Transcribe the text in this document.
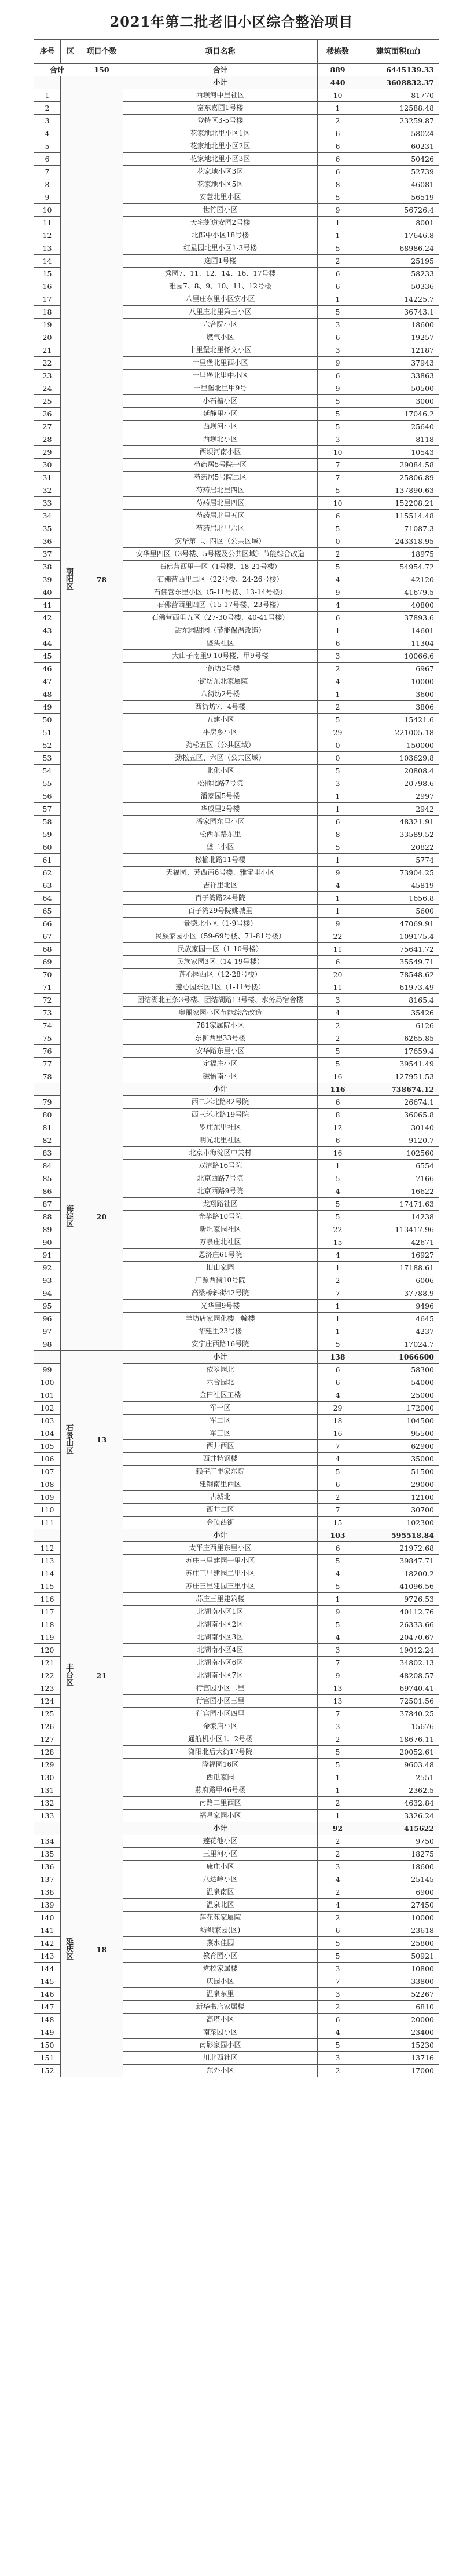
2021年第二批老旧小区综合整治项目
序号	区	项目个数	项目名称	楼栋数	建筑面积(㎡)
合计		150	合计	889	6445139.33
	朝阳区	78	小计	440	3608832.37
1			西坝河中里社区	10	81770
2			富东嘉园1号楼	1	12588.48
3			登特区3-5号楼	2	23259.87
4			花家地北里小区1区	6	58024
5			花家地北里小区2区	6	60231
6			花家地北里小区3区	6	50426
7			花家地小区3区	6	52739
8			花家地小区5区	8	46081
9			安慧北里小区	5	56519
10			世竹园小区	9	56726.4
11			天宅街道安园2号楼	1	8001
12			北郎中小区18号楼	1	17646.8
13			红星园北里小区1-3号楼	5	68986.24
14			逸园1号楼	2	25195
15			秀园7、11、12、14、16、17号楼	6	58233
16			雅园7、8、9、10、11、12号楼	6	50336
17			八里庄东里小区安小区	1	14225.7
18			八里庄北里第三小区	5	36743.1
19			六合院小区	3	18600
20			燃气小区	6	19257
21			十里堡北里怀文小区	3	12187
22			十里堡北里西小区	9	37943
23			十里堡北里中小区	6	33863
24			十里堡北里甲9号	9	50500
25			小石槽小区	5	3000
26			延静里小区	5	17046.2
27			西坝河小区	5	25640
28			西坝北小区	3	8118
29			西坝河南小区	10	10543
30			芍药居5号院一区	7	29084.58
31			芍药居5号院二区	7	25806.89
32			芍药居北里四区	5	137890.63
33			芍药居北里四区	10	152208.21
34			芍药居北里五区	6	115514.48
35			芍药居北里六区	5	71087.3
36			安华第二、四区（公共区域）	0	243318.95
37			安华里四区（3号楼、5号楼及公共区域）节能综合改造	2	18975
38			石佛营西里一区（1号楼、18-21号楼）	5	54954.72
39			石佛营西里二区（22号楼、24-26号楼）	4	42120
40			石佛营东里小区（5-11号楼、13-14号楼）	9	41679.5
41			石佛营西里四区（15-17号楼、23号楼）	4	40800
42			石佛营西里五区（27-30号楼、40-41号楼）	6	37893.6
43			甜东园甜园（节能保温改造）	1	14601
44			垡头社区	6	11304
45			大山子南里9-10号楼、甲9号楼	3	10066.6
46			一街坊3号楼	2	6967
47			一街坊东北家属院	4	10000
48			八街坊2号楼	1	3600
49			西街坊7、4号楼	2	3806
50			五建小区	5	15421.6
51			平房乡小区	29	221005.18
52			劲松五区（公共区域）	0	150000
53			劲松五区、六区（公共区域）	0	103629.8
54			北化小区	5	20808.4
55			松榆北路7号院	3	20798.6
56			潘家园5号楼	1	2997
57			华威里2号楼	1	2942
58			潘家园东里小区	6	48321.91
59			松西东路东里	8	33589.52
60			垡二小区	5	20822
61			松榆北路11号楼	1	5774
62			天福园、芳西南6号楼、雅宝里小区	9	73904.25
63			吉祥里北区	4	45819
64			百子湾路24号院	1	1656.8
65			百子湾29号院姚城里	1	5600
66			景德北小区（1-9号楼）	9	47069.91
67			民族家园小区（59-69号楼、71-81号楼）	22	109175.4
68			民族家园一区（1-10号楼）	11	75641.72
69			民族家园3区（14-19号楼）	6	35549.71
70			莲心园西区（12-28号楼）	20	78548.62
71			莲心园东区1区（1-11号楼）	11	61973.49
72			团结湖北五条3号楼、团结湖路13号楼、水务局宿舍楼	3	8165.4
73			奥丽家园小区节能综合改造	4	35426
74			781家属院小区	2	6126
75			东柳西里33号楼	2	6265.85
76			安华路东里小区	5	17659.4
77			定福庄小区	5	39541.49
78			磁怡南小区	16	127951.53
	海淀区	20	小计	116	738674.12
79			西二环北路82号院	6	26674.1
80			西三环北路19号院	8	36065.8
81			罗庄东里社区	12	30140
82			明光北里社区	6	9120.7
83			北京市海淀区中关村	16	102560
84			双清路16号院	1	6554
85			北京西路7号院	5	7166
86			北京西路9号院	4	16622
87			龙翔路社区	5	17471.63
88			光华路10号院	5	14238
89			新坦家园社区	22	113417.96
90			万泉庄北社区	15	42671
91			恩济庄61号院	4	16927
92			旧山家园	1	17188.61
93			广源西街10号院	2	6006
94			高梁桥斜街42号院	7	37788.9
95			光华里9号楼	1	9496
96			羊坊店家园化楼一幢楼	1	4645
97			华建里23号楼	1	4237
98			安宁庄西路16号院	5	17024.7
	石景山区	13	小计	138	1066600
99			依翠园北	6	58300
100			六合园北	6	54000
101			金田社区工楼	4	25000
102			军一区	29	172000
103			军二区	18	104500
104			军三区	16	95500
105			西井西区	7	62900
106			西井特钢楼	4	35000
107			赖宇广电家东院	5	51500
108			建钢南里西区	6	29000
109			古城北	2	12100
110			西井二区	7	30700
111			金顶西街	15	102300
	丰台区	21	小计	103	595518.84
112			太平庄西里东里小区	6	21972.68
113			苏庄三里建园一里小区	5	39847.71
114			苏庄三里建园二里小区	4	18200.2
115			苏庄三里建园三里小区	5	41096.56
116			苏庄三里建筑楼	1	9726.53
117			北湖南小区1区	9	40112.76
118			北湖南小区2区	5	26333.66
119			北湖南小区3区	4	20470.67
120			北湖南小区4区	3	19012.24
121			北湖南小区6区	7	34802.13
122			北湖南小区7区	9	48208.57
123			行宫园小区二里	13	69740.41
124			行宫园小区三里	13	72501.56
125			行宫园小区四里	7	37840.25
126			金家店小区	3	15676
127			通航机小区1、2号楼	2	18676.11
128			潇阳北后大街17号院	5	20052.61
129			隆福园16区	5	9603.48
130			西瓜家园	1	2551
131			燕府路甲46号楼	1	2362.5
132			南路二里西区	2	4632.84
133			福星家园小区	1	3326.24
	延庆区	18	小计	92	415622
134			莲花池小区	2	9750
135			三里河小区	2	18275
136			康庄小区	3	18600
137			八达岭小区	4	25145
138			温泉南区	2	6900
139			温泉北区	4	27450
140			莲花苑家属院	2	10000
141			纺织家园(区)	6	23618
142			燕水佳园	5	25800
143			教育园小区	5	50921
144			党校家属楼	3	10800
145			庆园小区	7	33800
146			温泉东里	3	52267
147			新华书店家属楼	2	6810
148			高塔小区	6	20000
149			南菜园小区	4	23400
150			南影家园小区	5	15230
151			川北西社区	3	13716
152			东外小区	2	17000
